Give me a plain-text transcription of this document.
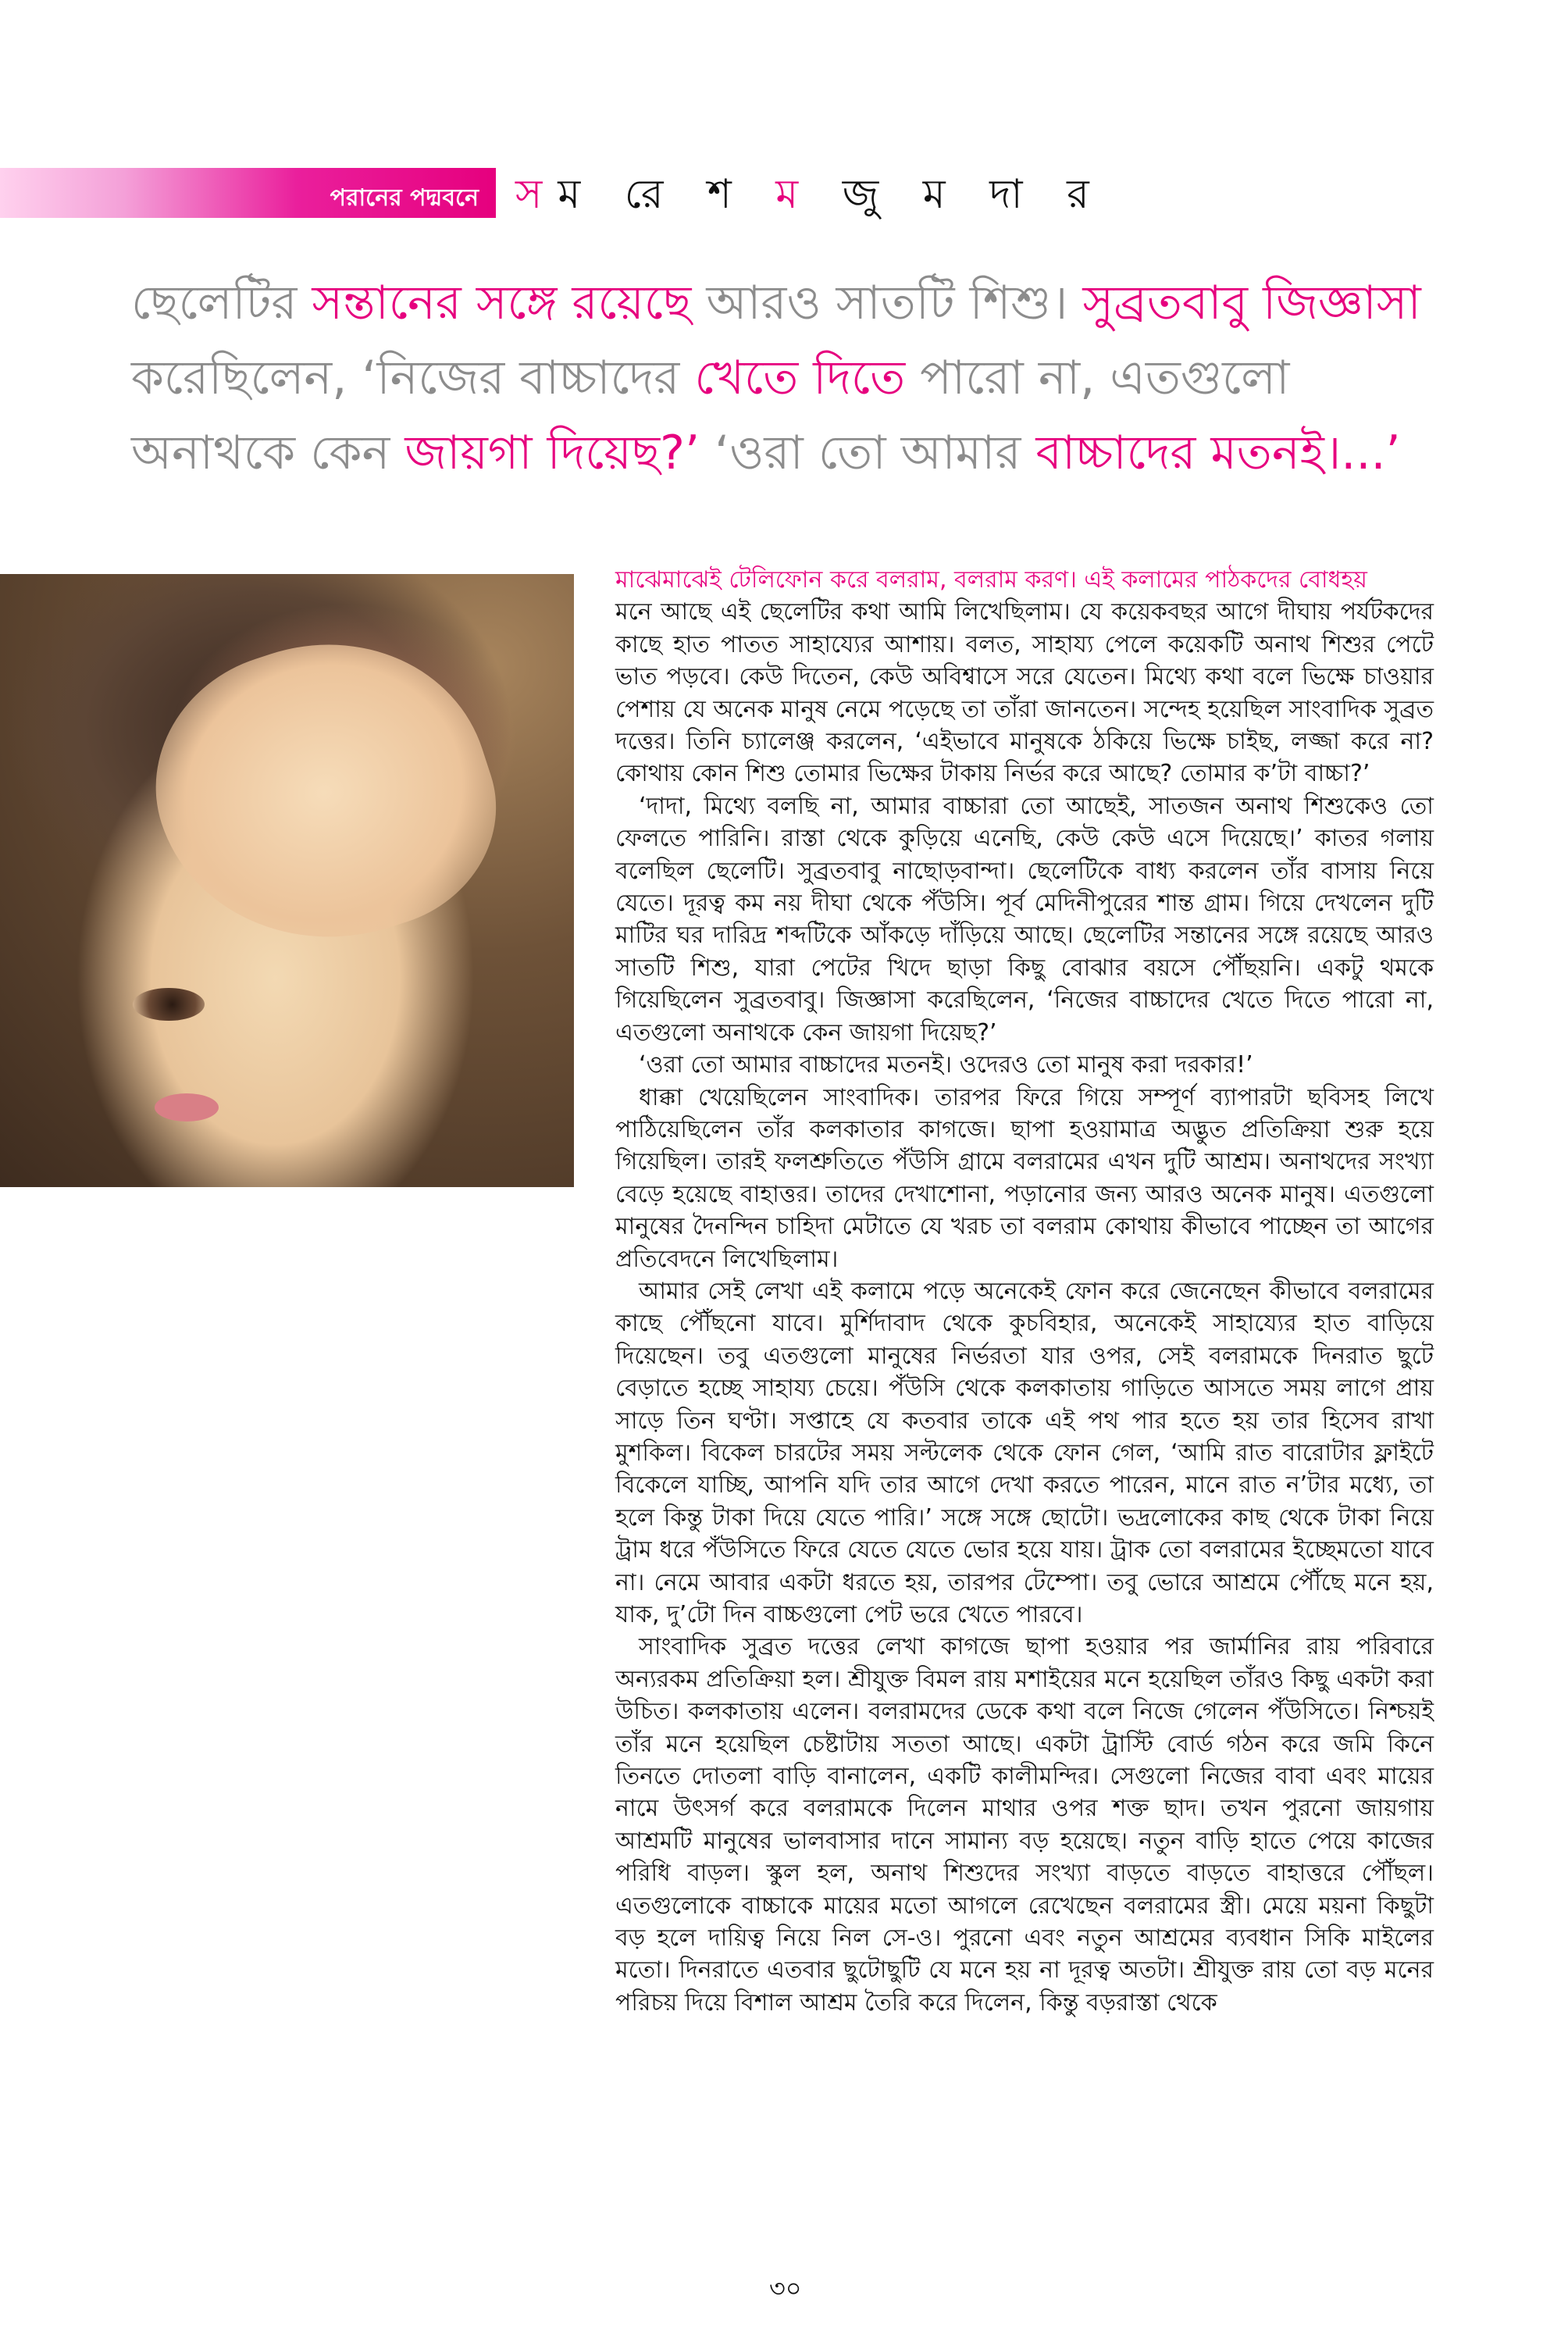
পরানের পদ্মবনে সম রে শ ম জু ম দা র
ছেলেটির সন্তানের সঙ্গে রয়েছে আরও সাতটি শিশু। সুব্রতবাবু জিজ্ঞাসা করেছিলেন, ‘নিজের বাচ্চাদের খেতে দিতে পারো না, এতগুলো অনাথকে কেন জায়গা দিয়েছ?’ ‘ওরা তো আমার বাচ্চাদের মতনই।...’

মাঝেমাঝেই টেলিফোন করে বলরাম, বলরাম করণ। এই কলামের পাঠকদের বোধহয়

মনে আছে এই ছেলেটির কথা আমি লিখেছিলাম। যে কয়েকবছর আগে দীঘায় পর্যটকদের কাছে হাত পাতত সাহায্যের আশায়। বলত, সাহায্য পেলে কয়েকটি অনাথ শিশুর পেটে ভাত পড়বে। কেউ দিতেন, কেউ অবিশ্বাসে সরে যেতেন। মিথ্যে কথা বলে ভিক্ষে চাওয়ার পেশায় যে অনেক মানুষ নেমে পড়েছে তা তাঁরা জানতেন। সন্দেহ হয়েছিল সাংবাদিক সুব্রত দত্তের। তিনি চ্যালেঞ্জ করলেন, ‘এইভাবে মানুষকে ঠকিয়ে ভিক্ষে চাইছ, লজ্জা করে না? কোথায় কোন শিশু তোমার ভিক্ষের টাকায় নির্ভর করে আছে? তোমার ক’টা বাচ্চা?’

‘দাদা, মিথ্যে বলছি না, আমার বাচ্চারা তো আছেই, সাতজন অনাথ শিশুকেও তো ফেলতে পারিনি। রাস্তা থেকে কুড়িয়ে এনেছি, কেউ কেউ এসে দিয়েছে।’ কাতর গলায় বলেছিল ছেলেটি। সুব্রতবাবু নাছোড়বান্দা। ছেলেটিকে বাধ্য করলেন তাঁর বাসায় নিয়ে যেতে। দূরত্ব কম নয় দীঘা থেকে পঁউসি। পূর্ব মেদিনীপুরের শান্ত গ্রাম। গিয়ে দেখলেন দুটি মাটির ঘর দারিদ্র শব্দটিকে আঁকড়ে দাঁড়িয়ে আছে। ছেলেটির সন্তানের সঙ্গে রয়েছে আরও সাতটি শিশু, যারা পেটের খিদে ছাড়া কিছু বোঝার বয়সে পৌঁছয়নি। একটু থমকে গিয়েছিলেন সুব্রতবাবু। জিজ্ঞাসা করেছিলেন, ‘নিজের বাচ্চাদের খেতে দিতে পারো না, এতগুলো অনাথকে কেন জায়গা দিয়েছ?’

‘ওরা তো আমার বাচ্চাদের মতনই। ওদেরও তো মানুষ করা দরকার!’

ধাক্কা খেয়েছিলেন সাংবাদিক। তারপর ফিরে গিয়ে সম্পূর্ণ ব্যাপারটা ছবিসহ লিখে পাঠিয়েছিলেন তাঁর কলকাতার কাগজে। ছাপা হওয়ামাত্র অদ্ভুত প্রতিক্রিয়া শুরু হয়ে গিয়েছিল। তারই ফলশ্রুতিতে পঁউসি গ্রামে বলরামের এখন দুটি আশ্রম। অনাথদের সংখ্যা বেড়ে হয়েছে বাহাত্তর। তাদের দেখাশোনা, পড়ানোর জন্য আরও অনেক মানুষ। এতগুলো মানুষের দৈনন্দিন চাহিদা মেটাতে যে খরচ তা বলরাম কোথায় কীভাবে পাচ্ছেন তা আগের প্রতিবেদনে লিখেছিলাম।

আমার সেই লেখা এই কলামে পড়ে অনেকেই ফোন করে জেনেছেন কীভাবে বলরামের কাছে পৌঁছনো যাবে। মুর্শিদাবাদ থেকে কুচবিহার, অনেকেই সাহায্যের হাত বাড়িয়ে দিয়েছেন। তবু এতগুলো মানুষের নির্ভরতা যার ওপর, সেই বলরামকে দিনরাত ছুটে বেড়াতে হচ্ছে সাহায্য চেয়ে। পঁউসি থেকে কলকাতায় গাড়িতে আসতে সময় লাগে প্রায় সাড়ে তিন ঘণ্টা। সপ্তাহে যে কতবার তাকে এই পথ পার হতে হয় তার হিসেব রাখা মুশকিল। বিকেল চারটের সময় সল্টলেক থেকে ফোন গেল, ‘আমি রাত বারোটার ফ্লাইটে বিকেলে যাচ্ছি, আপনি যদি তার আগে দেখা করতে পারেন, মানে রাত ন’টার মধ্যে, তা হলে কিন্তু টাকা দিয়ে যেতে পারি।’ সঙ্গে সঙ্গে ছোটো। ভদ্রলোকের কাছ থেকে টাকা নিয়ে ট্রাম ধরে পঁউসিতে ফিরে যেতে যেতে ভোর হয়ে যায়। ট্রাক তো বলরামের ইচ্ছেমতো যাবে না। নেমে আবার একটা ধরতে হয়, তারপর টেম্পো। তবু ভোরে আশ্রমে পৌঁছে মনে হয়, যাক, দু’টো দিন বাচ্চগুলো পেট ভরে খেতে পারবে।

সাংবাদিক সুব্রত দত্তের লেখা কাগজে ছাপা হওয়ার পর জার্মানির রায় পরিবারে অন্যরকম প্রতিক্রিয়া হল। শ্রীযুক্ত বিমল রায় মশাইয়ের মনে হয়েছিল তাঁরও কিছু একটা করা উচিত। কলকাতায় এলেন। বলরামদের ডেকে কথা বলে নিজে গেলেন পঁউসিতে। নিশ্চয়ই তাঁর মনে হয়েছিল চেষ্টাটায় সততা আছে। একটা ট্রাস্টি বোর্ড গঠন করে জমি কিনে তিনতে দোতলা বাড়ি বানালেন, একটি কালীমন্দির। সেগুলো নিজের বাবা এবং মায়ের নামে উৎসর্গ করে বলরামকে দিলেন মাথার ওপর শক্ত ছাদ। তখন পুরনো জায়গায় আশ্রমটি মানুষের ভালবাসার দানে সামান্য বড় হয়েছে। নতুন বাড়ি হাতে পেয়ে কাজের পরিধি বাড়ল। স্কুল হল, অনাথ শিশুদের সংখ্যা বাড়তে বাড়তে বাহাত্তরে পৌঁছল। এতগুলোকে বাচ্চাকে মায়ের মতো আগলে রেখেছেন বলরামের স্ত্রী। মেয়ে ময়না কিছুটা বড় হলে দায়িত্ব নিয়ে নিল সে-ও। পুরনো এবং নতুন আশ্রমের ব্যবধান সিকি মাইলের মতো। দিনরাতে এতবার ছুটোছুটি যে মনে হয় না দূরত্ব অতটা। শ্রীযুক্ত রায় তো বড় মনের পরিচয় দিয়ে বিশাল আশ্রম তৈরি করে দিলেন, কিন্তু বড়রাস্তা থেকে

৩০
